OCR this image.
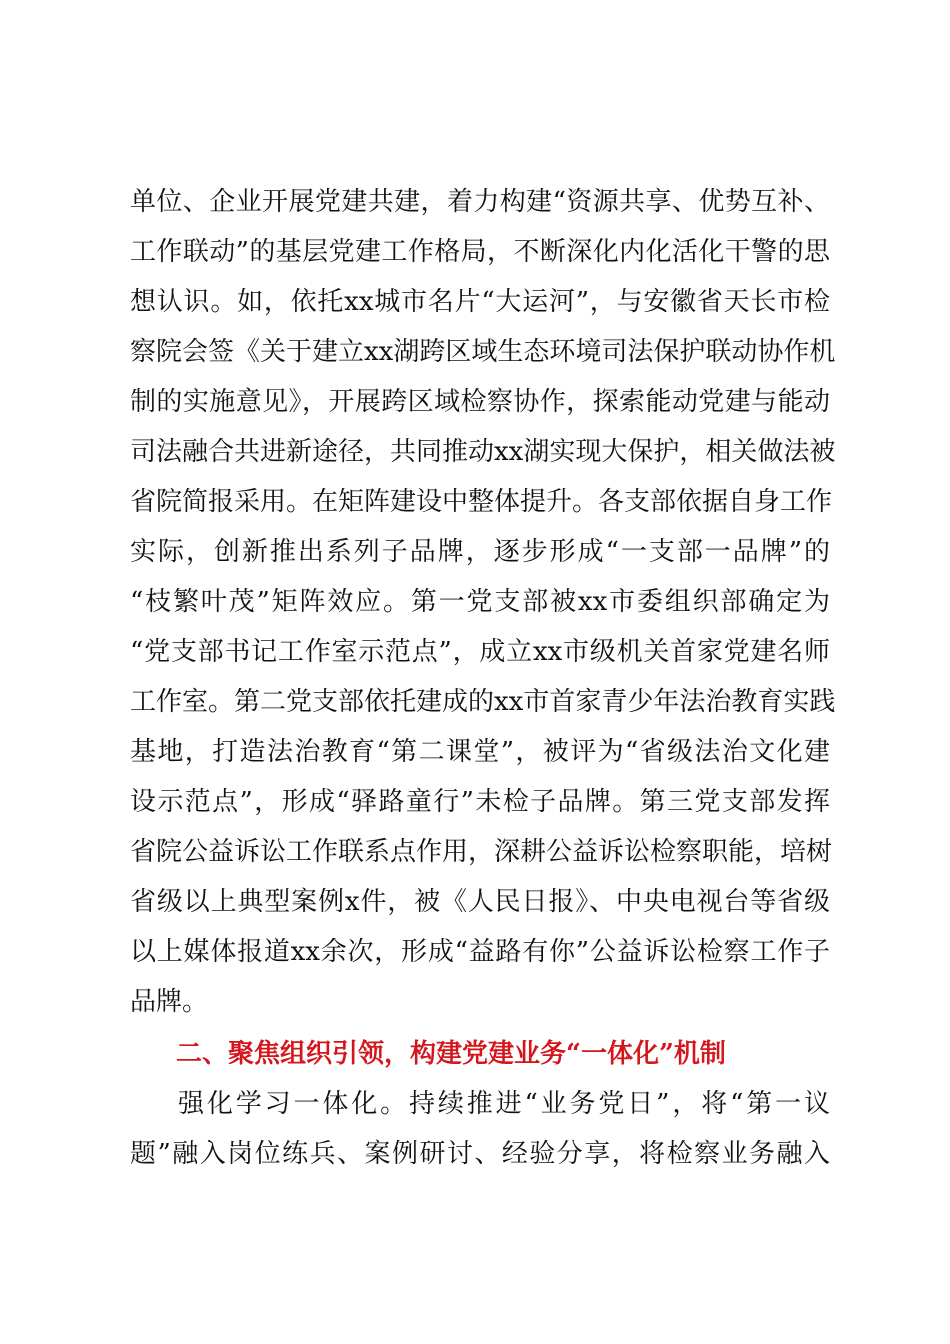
单位、企业开展党建共建，着力构建“资源共享、优势互补、
工作联动”的基层党建工作格局，不断深化内化活化干警的思
想认识。如，依托xx城市名片“大运河”，与安徽省天长市检
察院会签《关于建立xx湖跨区域生态环境司法保护联动协作机
制的实施意见》，开展跨区域检察协作，探索能动党建与能动
司法融合共进新途径，共同推动xx湖实现大保护，相关做法被
省院简报采用。在矩阵建设中整体提升。各支部依据自身工作
实际，创新推出系列子品牌，逐步形成“一支部一品牌”的
“枝繁叶茂”矩阵效应。第一党支部被xx市委组织部确定为
“党支部书记工作室示范点”，成立xx市级机关首家党建名师
工作室。第二党支部依托建成的xx市首家青少年法治教育实践
基地，打造法治教育“第二课堂”，被评为“省级法治文化建
设示范点”，形成“驿路童行”未检子品牌。第三党支部发挥
省院公益诉讼工作联系点作用，深耕公益诉讼检察职能，培树
省级以上典型案例x件，被《人民日报》、中央电视台等省级
以上媒体报道xx余次，形成“益路有你”公益诉讼检察工作子
品牌。
二、聚焦组织引领，构建党建业务“一体化”机制
强化学习一体化。持续推进“业务党日”，将“第一议
题”融入岗位练兵、案例研讨、经验分享，将检察业务融入
